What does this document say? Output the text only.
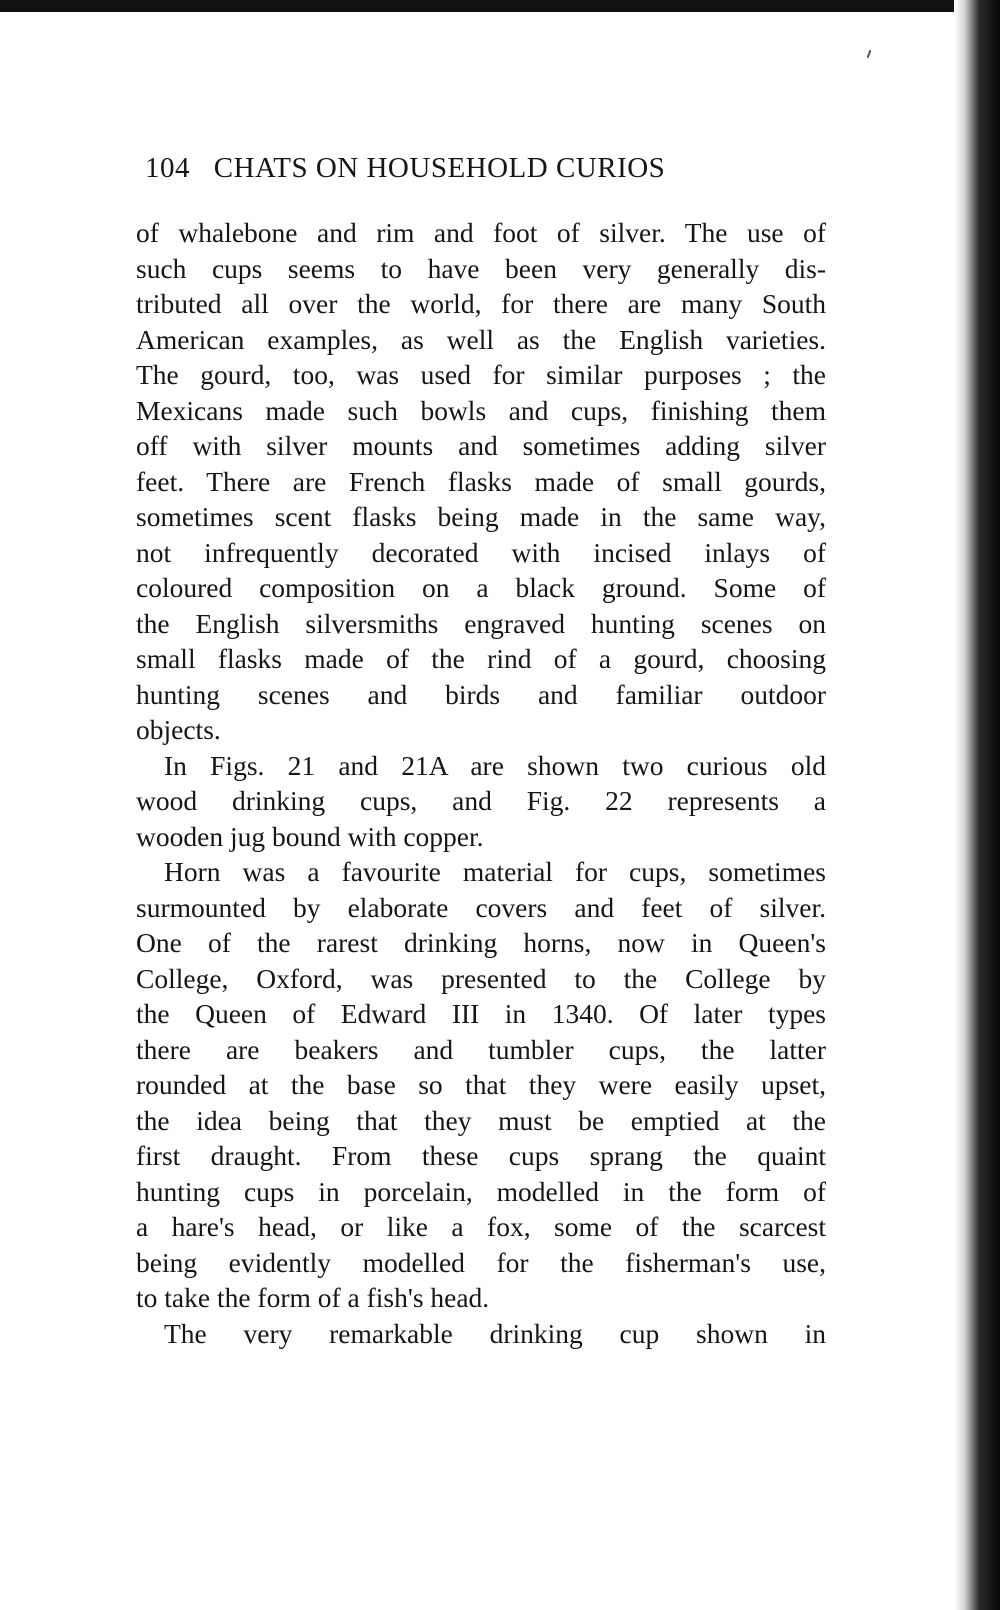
104 CHATS ON HOUSEHOLD CURIOS
of whalebone and rim and foot of silver. The use of
such cups seems to have been very generally dis-
tributed all over the world, for there are many South
American examples, as well as the English varieties.
The gourd, too, was used for similar purposes ; the
Mexicans made such bowls and cups, finishing them
off with silver mounts and sometimes adding silver
feet. There are French flasks made of small gourds,
sometimes scent flasks being made in the same way,
not infrequently decorated with incised inlays of
coloured composition on a black ground. Some of
the English silversmiths engraved hunting scenes on
small flasks made of the rind of a gourd, choosing
hunting scenes and birds and familiar outdoor
objects.
In Figs. 21 and 21A are shown two curious old
wood drinking cups, and Fig. 22 represents a
wooden jug bound with copper.
Horn was a favourite material for cups, sometimes
surmounted by elaborate covers and feet of silver.
One of the rarest drinking horns, now in Queen's
College, Oxford, was presented to the College by
the Queen of Edward III in 1340. Of later types
there are beakers and tumbler cups, the latter
rounded at the base so that they were easily upset,
the idea being that they must be emptied at the
first draught. From these cups sprang the quaint
hunting cups in porcelain, modelled in the form of
a hare's head, or like a fox, some of the scarcest
being evidently modelled for the fisherman's use,
to take the form of a fish's head.
The very remarkable drinking cup shown in
